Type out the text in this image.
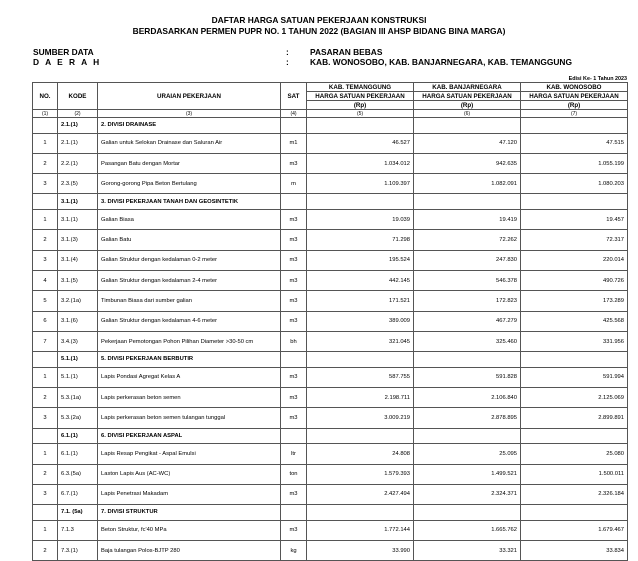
DAFTAR HARGA SATUAN PEKERJAAN KONSTRUKSI
BERDASARKAN PERMEN PUPR NO. 1 TAHUN 2022 (BAGIAN III AHSP BIDANG BINA MARGA)
SUMBER DATA	:	PASARAN BEBAS
D A E R A H	:	KAB. WONOSOBO, KAB. BANJARNEGARA, KAB. TEMANGGUNG
Edisi Ke- 1 Tahun 2023
NO.	KODE	URAIAN PEKERJAAN	SAT	KAB. TEMANGGUNG	KAB. BANJARNEGARA	KAB. WONOSOBO
				HARGA SATUAN PEKERJAAN	HARGA SATUAN PEKERJAAN	HARGA SATUAN PEKERJAAN
				(Rp)	(Rp)	(Rp)
(1)	(2)	(3)	(4)	(5)	(6)	(7)
	2.1.(1)	2. DIVISI DRAINASE				
1	2.1.(1)	Galian untuk Selokan Drainase dan Saluran Air	m1	46.527	47.120	47.515
2	2.2.(1)	Pasangan Batu dengan Mortar	m3	1.034.012	942.635	1.055.199
3	2.3.(5)	Gorong-gorong Pipa Beton Bertulang	m	1.109.397	1.082.091	1.080.203
	3.1.(1)	3. DIVISI PEKERJAAN TANAH DAN GEOSINTETIK				
1	3.1.(1)	Galian Biasa	m3	19.039	19.419	19.457
2	3.1.(3)	Galian Batu	m3	71.298	72.262	72.317
3	3.1.(4)	Galian Struktur dengan kedalaman 0-2 meter	m3	195.524	247.830	220.014
4	3.1.(5)	Galian Struktur dengan kedalaman 2-4 meter	m3	442.145	546.378	490.726
5	3.2.(1a)	Timbunan Biasa dari sumber galian	m3	171.521	172.823	173.289
6	3.1.(6)	Galian Struktur dengan kedalaman 4-6 meter	m3	389.009	467.279	425.568
7	3.4.(3)	Pekerjaan Pemotongan Pohon Pilihan Diameter >30-50 cm	bh	321.045	325.460	331.956
	5.1.(1)	5. DIVISI PEKERJAAN BERBUTIR				
1	5.1.(1)	Lapis Pondasi Agregat Kelas A	m3	587.755	591.828	591.994
2	5.3.(1a)	Lapis perkerasan beton semen	m3	2.198.711	2.106.840	2.125.069
3	5.3.(2a)	Lapis perkerasan beton semen tulangan tunggal	m3	3.009.219	2.878.895	2.899.891
	6.1.(1)	6. DIVISI PEKERJAAN ASPAL				
1	6.1.(1)	Lapis Resap Pengikat - Aspal Emulsi	ltr	24.808	25.095	25.080
2	6.3.(5a)	Laston Lapis Aus (AC-WC)	ton	1.579.393	1.499.521	1.500.011
3	6.7.(1)	Lapis Penetrasi Makadam	m3	2.427.494	2.324.371	2.326.184
	7.1. (5a)	7. DIVISI STRUKTUR				
1	7.1.3	Beton Struktur, fc'40 MPa	m3	1.772.144	1.665.762	1.679.467
2	7.3.(1)	Baja tulangan Polos-BJTP 280	kg	33.990	33.321	33.834
